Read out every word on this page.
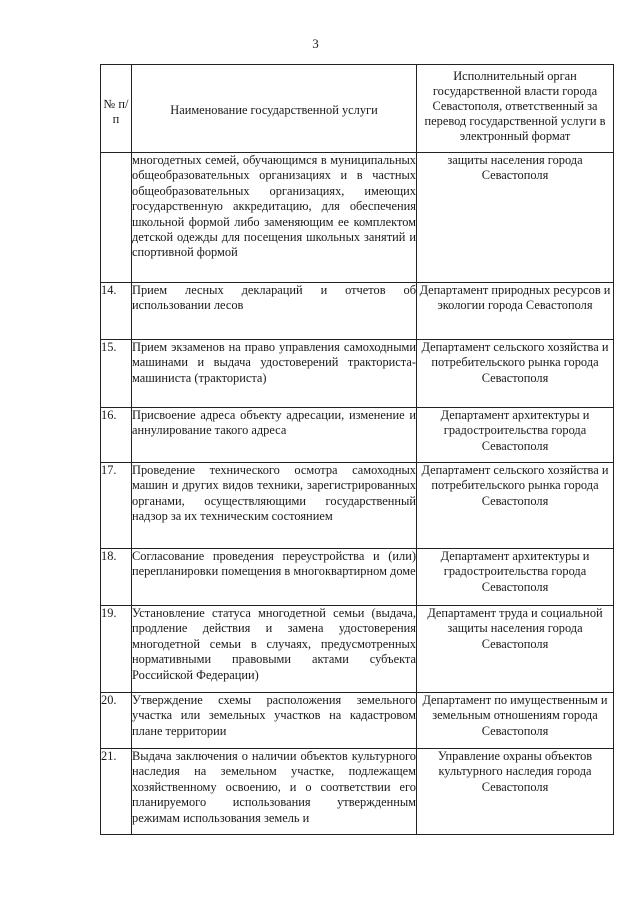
3
№ п/п	Наименование государственной услуги	Исполнительный орган государственной власти города Севастополя, ответственный за перевод государственной услуги в электронный формат

	многодетных семей, обучающимся в муниципальных общеобразовательных организациях и в частных общеобразовательных организациях, имеющих государственную аккредитацию, для обеспечения школьной формой либо заменяющим ее комплектом детской одежды для посещения школьных занятий и спортивной формой	защиты населения города Севастополя
14.	Прием лесных деклараций и отчетов об использовании лесов	Департамент природных ресурсов и экологии города Севастополя
15.	Прием экзаменов на право управления самоходными машинами и выдача удостоверений тракториста-машиниста (тракториста)	Департамент сельского хозяйства и потребительского рынка города Севастополя
16.	Присвоение адреса объекту адресации, изменение и аннулирование такого адреса	Департамент архитектуры и градостроительства города Севастополя
17.	Проведение технического осмотра самоходных машин и других видов техники, зарегистрированных органами, осуществляющими государственный надзор за их техническим состоянием	Департамент сельского хозяйства и потребительского рынка города Севастополя
18.	Согласование проведения переустройства и (или) перепланировки помещения в многоквартирном доме	Департамент архитектуры и градостроительства города Севастополя
19.	Установление статуса многодетной семьи (выдача, продление действия и замена удостоверения многодетной семьи в случаях, предусмотренных нормативными правовыми актами субъекта Российской Федерации)	Департамент труда и социальной защиты населения города Севастополя
20.	Утверждение схемы расположения земельного участка или земельных участков на кадастровом плане территории	Департамент по имущественным и земельным отношениям города Севастополя
21.	Выдача заключения о наличии объектов культурного наследия на земельном участке, подлежащем хозяйственному освоению, и о соответствии его планируемого использования утвержденным режимам использования земель и	Управление охраны объектов культурного наследия города Севастополя
